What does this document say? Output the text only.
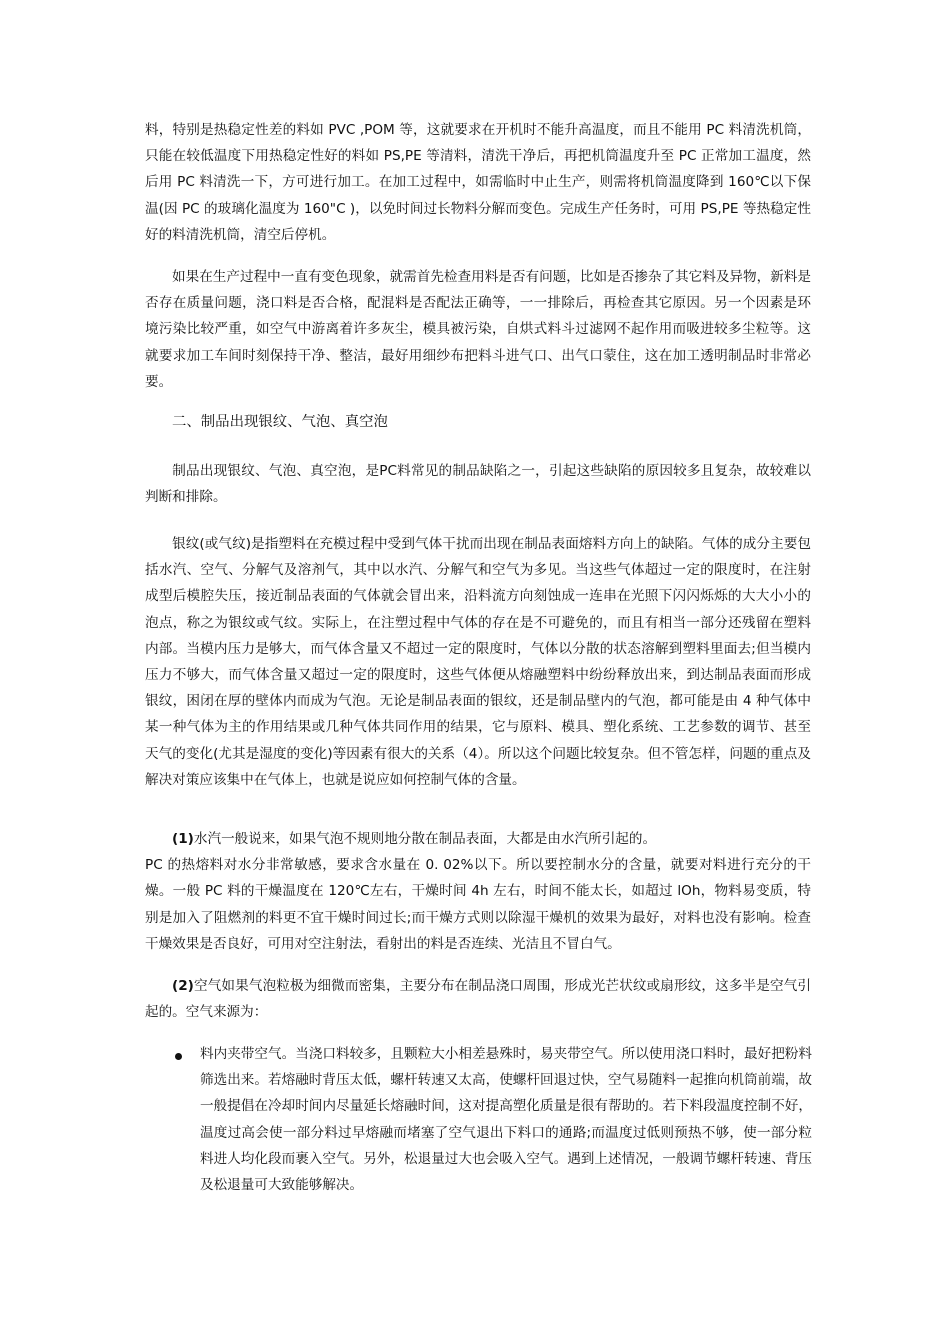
料，特别是热稳定性差的料如 PVC ,POM 等，这就要求在开机时不能升高温度，而且不能用 PC 料清洗机筒，只能在较低温度下用热稳定性好的料如 PS,PE 等清料，清洗干净后，再把机筒温度升至 PC 正常加工温度，然后用 PC 料清洗一下，方可进行加工。在加工过程中，如需临时中止生产，则需将机筒温度降到 160℃以下保温(因 PC 的玻璃化温度为 160"C )，以免时间过长物料分解而变色。完成生产任务时，可用 PS,PE 等热稳定性好的料清洗机筒，清空后停机。

如果在生产过程中一直有变色现象，就需首先检查用料是否有问题，比如是否掺杂了其它料及异物，新料是否存在质量问题，浇口料是否合格，配混料是否配法正确等，一一排除后，再检查其它原因。另一个因素是环境污染比较严重，如空气中游离着许多灰尘，模具被污染，自烘式料斗过滤网不起作用而吸进较多尘粒等。这就要求加工车间时刻保持干净、整洁，最好用细纱布把料斗进气口、出气口蒙住，这在加工透明制品时非常必要。

二、制品出现银纹、气泡、真空泡

制品出现银纹、气泡、真空泡，是PC料常见的制品缺陷之一，引起这些缺陷的原因较多且复杂，故较难以判断和排除。

银纹(或气纹)是指塑料在充模过程中受到气体干扰而出现在制品表面熔料方向上的缺陷。气体的成分主要包括水汽、空气、分解气及溶剂气，其中以水汽、分解气和空气为多见。当这些气体超过一定的限度时，在注射成型后模腔失压，接近制品表面的气体就会冒出来，沿料流方向刻蚀成一连串在光照下闪闪烁烁的大大小小的泡点，称之为银纹或气纹。实际上，在注塑过程中气体的存在是不可避免的，而且有相当一部分还残留在塑料内部。当模内压力是够大，而气体含量又不超过一定的限度时，气体以分散的状态溶解到塑料里面去;但当模内压力不够大，而气体含量又超过一定的限度时，这些气体便从熔融塑料中纷纷释放出来，到达制品表面而形成银纹，困闭在厚的壁体内而成为气泡。无论是制品表面的银纹，还是制品壁内的气泡，都可能是由 4 种气体中某一种气体为主的作用结果或几种气体共同作用的结果，它与原料、模具、塑化系统、工艺参数的调节、甚至天气的变化(尤其是湿度的变化)等因素有很大的关系（4）。所以这个问题比较复杂。但不管怎样，问题的重点及解决对策应该集中在气体上，也就是说应如何控制气体的含量。

(1)水汽一般说来，如果气泡不规则地分散在制品表面，大都是由水汽所引起的。
PC 的热熔料对水分非常敏感，要求含水量在 0. 02%以下。所以要控制水分的含量，就要对料进行充分的干燥。一般 PC 料的干燥温度在 120℃左右，干燥时间 4h 左右，时间不能太长，如超过 lOh，物料易变质，特别是加入了阻燃剂的料更不宜干燥时间过长;而干燥方式则以除湿干燥机的效果为最好，对料也没有影响。检查干燥效果是否良好，可用对空注射法，看射出的料是否连续、光洁且不冒白气。

(2)空气如果气泡粒极为细微而密集，主要分布在制品浇口周围，形成光芒状纹或扇形纹，这多半是空气引起的。空气来源为：

料内夹带空气。当浇口料较多，且颗粒大小相差悬殊时，易夹带空气。所以使用浇口料时，最好把粉料筛选出来。若熔融时背压太低，螺杆转速又太高，使螺杆回退过快，空气易随料一起推向机筒前端，故一般提倡在冷却时间内尽量延长熔融时间，这对提高塑化质量是很有帮助的。若下料段温度控制不好，温度过高会使一部分料过早熔融而堵塞了空气退出下料口的通路;而温度过低则预热不够，使一部分粒料进人均化段而裹入空气。另外，松退量过大也会吸入空气。遇到上述情况，一般调节螺杆转速、背压及松退量可大致能够解决。
